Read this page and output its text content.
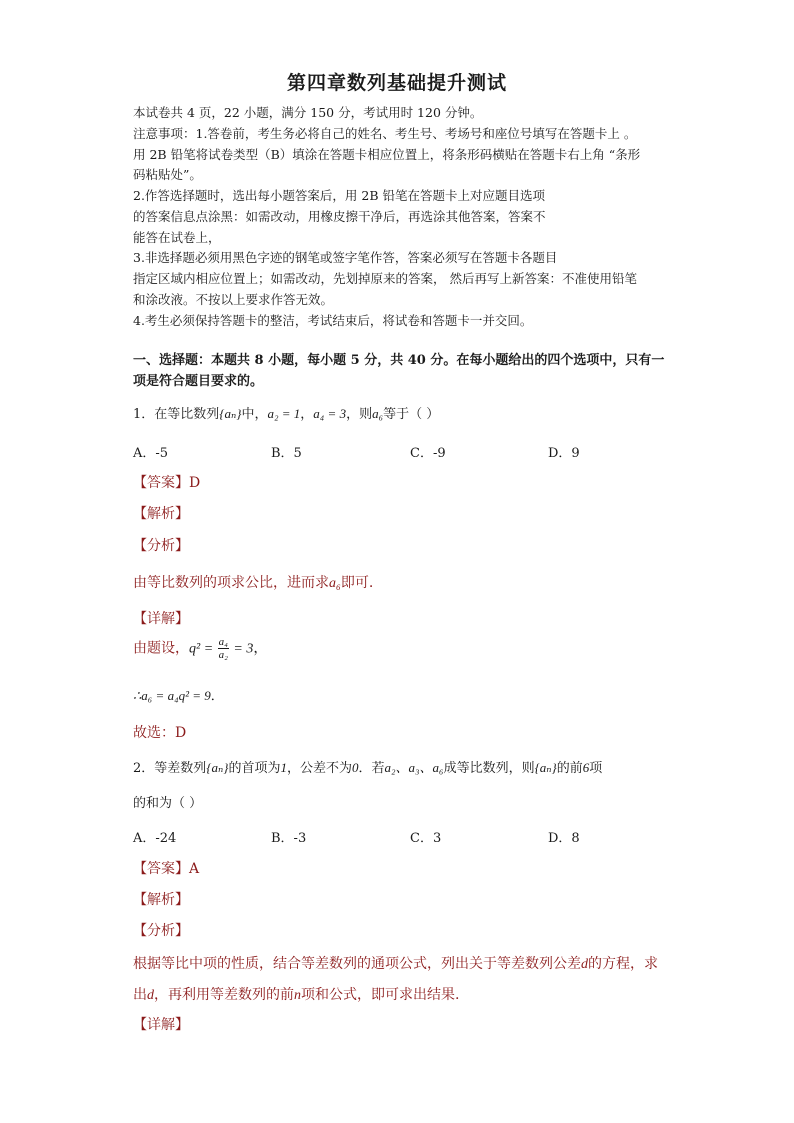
第四章数列基础提升测试
本试卷共 4 页，22 小题，满分 150 分，考试用时 120 分钟。
注意事项：1.答卷前，考生务必将自己的姓名、考生号、考场号和座位号填写在答题卡上 。
用 2B 铅笔将试卷类型（B）填涂在答题卡相应位置上，将条形码横贴在答题卡右上角 “条形
码粘贴处”。
2.作答选择题时，选出每小题答案后，用 2B 铅笔在答题卡上对应题目选项
的答案信息点涂黑：如需改动，用橡皮擦干净后，再选涂其他答案，答案不
能答在试卷上，
3.非选择题必须用黑色字迹的钢笔或签字笔作答，答案必须写在答题卡各题目
指定区域内相应位置上；如需改动，先划掉原来的答案， 然后再写上新答案：不准使用铅笔
和涂改液。不按以上要求作答无效。
4.考生必须保持答题卡的整洁，考试结束后，将试卷和答题卡一并交回。
一、选择题：本题共 8 小题，每小题 5 分，共 40 分。在每小题给出的四个选项中，只有一
项是符合题目要求的。
1．在等比数列{aₙ}中，a₂ = 1，a₄ = 3，则a₆等于（ ）
A．-5	B．5	C．-9	D．9
【答案】D
【解析】
【分析】
由等比数列的项求公比，进而求a₆即可.
【详解】
由题设，$q^2 = \frac{\text{a₄}}{\text{a₂}} = 3$，
∴a₆ = a₄q² = 9．
故选：D
2．等差数列{aₙ}的首项为1，公差不为0．若a₂、a₃、a₆成等比数列，则{aₙ}的前6项
的和为（ ）
A．-24	B．-3	C．3	D．8
【答案】A
【解析】
【分析】
根据等比中项的性质，结合等差数列的通项公式，列出关于等差数列公差d的方程，求
出d，再利用等差数列的前n项和公式，即可求出结果.
【详解】
